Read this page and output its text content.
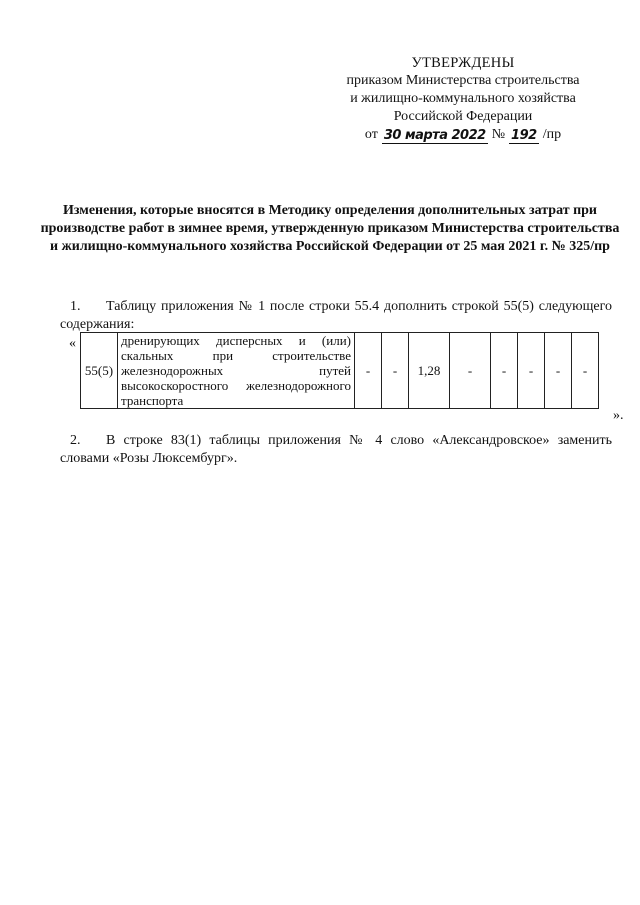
УТВЕРЖДЕНЫ
приказом Министерства строительства
и жилищно-коммунального хозяйства
Российской Федерации
от 30 марта 2022 № 192 /пр
Изменения, которые вносятся в Методику определения дополнительных затрат при производстве работ в зимнее время, утвержденную приказом Министерства строительства и жилищно-коммунального хозяйства Российской Федерации от 25 мая 2021 г. № 325/пр
1. Таблицу приложения № 1 после строки 55.4 дополнить строкой 55(5) следующего содержания:
«
55(5)	дренирующих дисперсных и (или) скальных при строительстве железнодорожных путей высокоскоростного железнодорожного транспорта	-	-	1,28	-	-	-	-	-
».
2. В строке 83(1) таблицы приложения № 4 слово «Александровское» заменить словами «Розы Люксембург».
